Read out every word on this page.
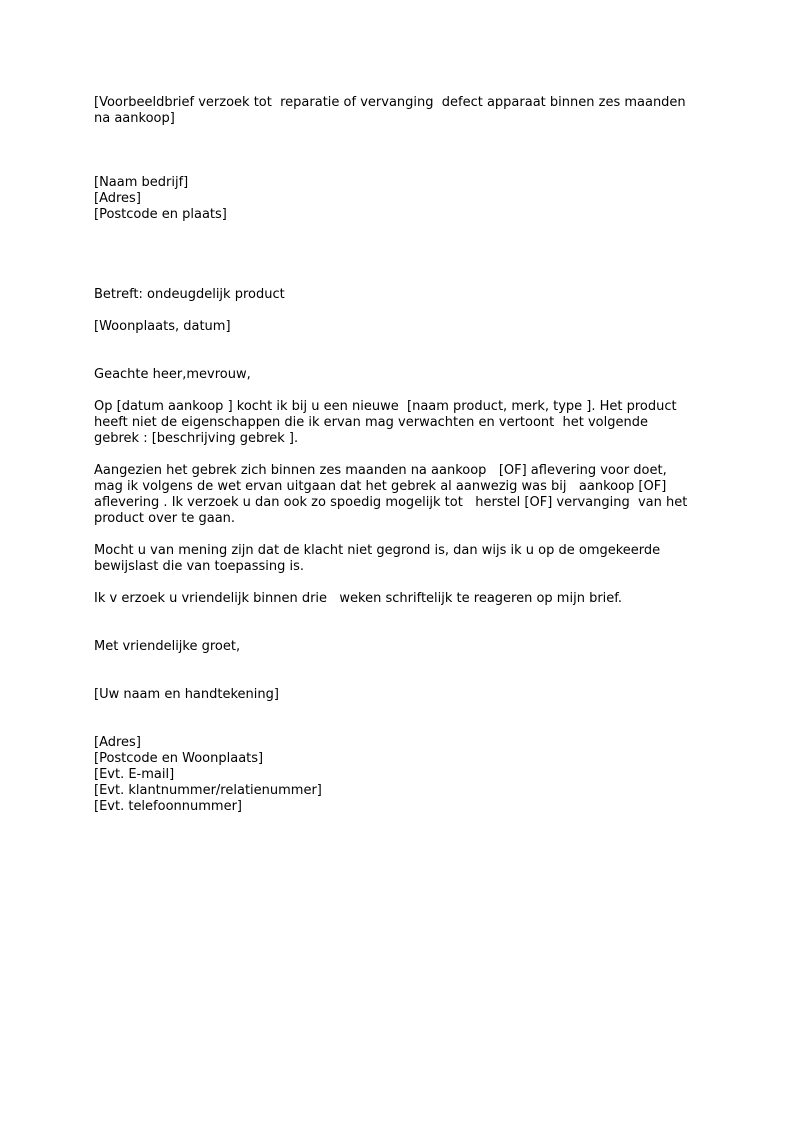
[Voorbeeldbrief verzoek tot  reparatie of vervanging  defect apparaat binnen zes maanden
na aankoop]
[Naam bedrijf]
[Adres]
[Postcode en plaats]
Betreft: ondeugdelijk product
[Woonplaats, datum]
Geachte heer,mevrouw,
Op [datum aankoop ] kocht ik bij u een nieuwe  [naam product, merk, type ]. Het product
heeft niet de eigenschappen die ik ervan mag verwachten en vertoont  het volgende
gebrek : [beschrijving gebrek ].
Aangezien het gebrek zich binnen zes maanden na aankoop   [OF] aflevering voor doet,
mag ik volgens de wet ervan uitgaan dat het gebrek al aanwezig was bij   aankoop [OF]
aflevering . Ik verzoek u dan ook zo spoedig mogelijk tot   herstel [OF] vervanging  van het
product over te gaan.
Mocht u van mening zijn dat de klacht niet gegrond is, dan wijs ik u op de omgekeerde
bewijslast die van toepassing is.
Ik v erzoek u vriendelijk binnen drie   weken schriftelijk te reageren op mijn brief.
Met vriendelijke groet,
[Uw naam en handtekening]
[Adres]
[Postcode en Woonplaats]
[Evt. E-mail]
[Evt. klantnummer/relatienummer]
[Evt. telefoonnummer]
